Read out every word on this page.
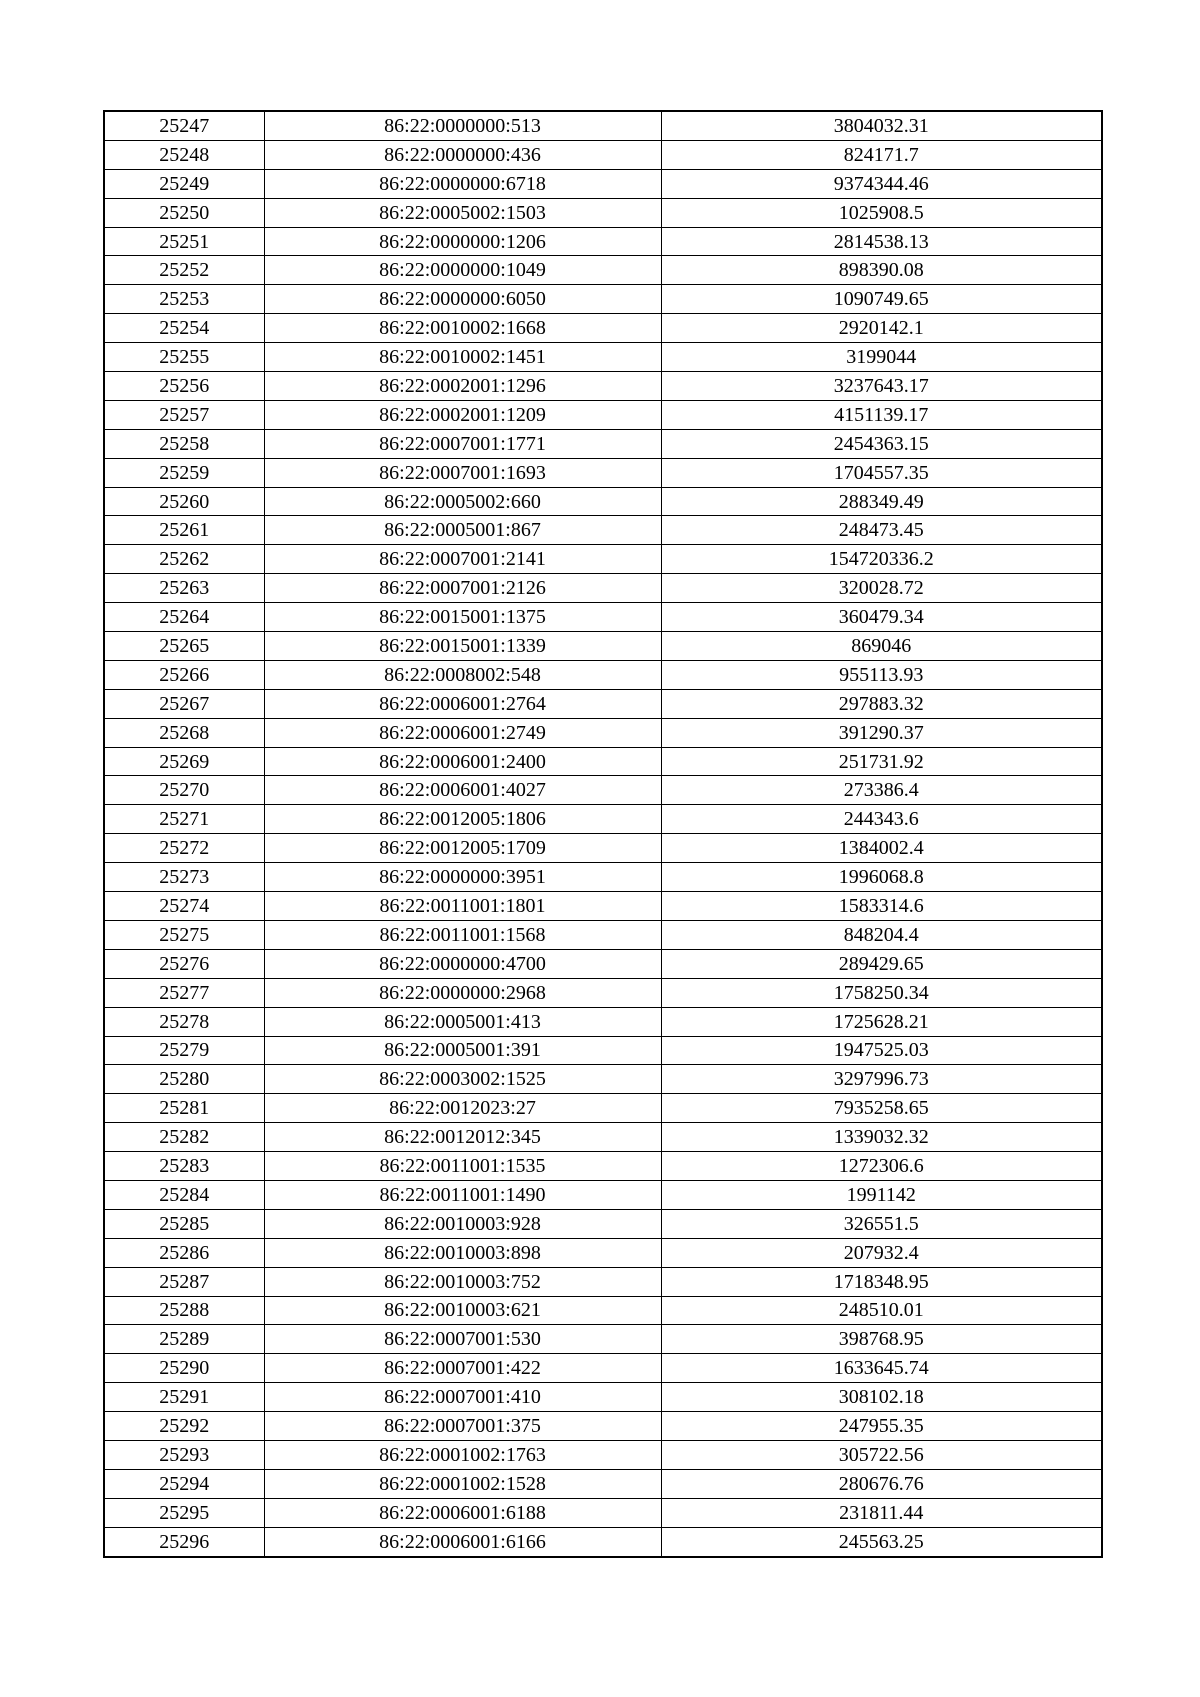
25247	86:22:0000000:513	3804032.31
25248	86:22:0000000:436	824171.7
25249	86:22:0000000:6718	9374344.46
25250	86:22:0005002:1503	1025908.5
25251	86:22:0000000:1206	2814538.13
25252	86:22:0000000:1049	898390.08
25253	86:22:0000000:6050	1090749.65
25254	86:22:0010002:1668	2920142.1
25255	86:22:0010002:1451	3199044
25256	86:22:0002001:1296	3237643.17
25257	86:22:0002001:1209	4151139.17
25258	86:22:0007001:1771	2454363.15
25259	86:22:0007001:1693	1704557.35
25260	86:22:0005002:660	288349.49
25261	86:22:0005001:867	248473.45
25262	86:22:0007001:2141	154720336.2
25263	86:22:0007001:2126	320028.72
25264	86:22:0015001:1375	360479.34
25265	86:22:0015001:1339	869046
25266	86:22:0008002:548	955113.93
25267	86:22:0006001:2764	297883.32
25268	86:22:0006001:2749	391290.37
25269	86:22:0006001:2400	251731.92
25270	86:22:0006001:4027	273386.4
25271	86:22:0012005:1806	244343.6
25272	86:22:0012005:1709	1384002.4
25273	86:22:0000000:3951	1996068.8
25274	86:22:0011001:1801	1583314.6
25275	86:22:0011001:1568	848204.4
25276	86:22:0000000:4700	289429.65
25277	86:22:0000000:2968	1758250.34
25278	86:22:0005001:413	1725628.21
25279	86:22:0005001:391	1947525.03
25280	86:22:0003002:1525	3297996.73
25281	86:22:0012023:27	7935258.65
25282	86:22:0012012:345	1339032.32
25283	86:22:0011001:1535	1272306.6
25284	86:22:0011001:1490	1991142
25285	86:22:0010003:928	326551.5
25286	86:22:0010003:898	207932.4
25287	86:22:0010003:752	1718348.95
25288	86:22:0010003:621	248510.01
25289	86:22:0007001:530	398768.95
25290	86:22:0007001:422	1633645.74
25291	86:22:0007001:410	308102.18
25292	86:22:0007001:375	247955.35
25293	86:22:0001002:1763	305722.56
25294	86:22:0001002:1528	280676.76
25295	86:22:0006001:6188	231811.44
25296	86:22:0006001:6166	245563.25
